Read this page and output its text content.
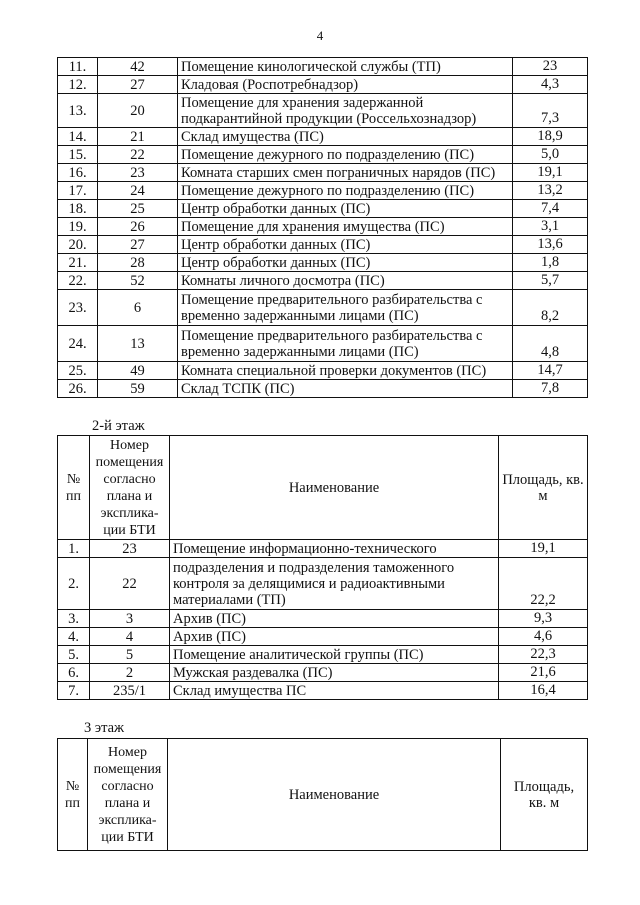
4
11.	42	Помещение кинологической службы (ТП)	23
12.	27	Кладовая (Роспотребнадзор)	4,3
13.	20	Помещение для хранения задержанной подкарантийной продукции (Россельхознадзор)	7,3
14.	21	Склад имущества (ПС)	18,9
15.	22	Помещение дежурного по подразделению (ПС)	5,0
16.	23	Комната старших смен пограничных нарядов (ПС)	19,1
17.	24	Помещение дежурного по подразделению (ПС)	13,2
18.	25	Центр обработки данных (ПС)	7,4
19.	26	Помещение для хранения имущества (ПС)	3,1
20.	27	Центр обработки данных (ПС)	13,6
21.	28	Центр обработки данных (ПС)	1,8
22.	52	Комнаты личного досмотра (ПС)	5,7
23.	6	Помещение предварительного разбирательства с временно задержанными лицами (ПС)	8,2
24.	13	Помещение предварительного разбирательства с временно задержанными лицами (ПС)	4,8
25.	49	Комната специальной проверки документов (ПС)	14,7
26.	59	Склад ТСПК (ПС)	7,8
2-й этаж
№ пп	Номер помещения согласно плана и эксплика-ции БТИ	Наименование	Площадь, кв. м
1.	23	Помещение информационно-технического	19,1
2.	22	подразделения и подразделения таможенного контроля за делящимися и радиоактивными материалами (ТП)	22,2
3.	3	Архив (ПС)	9,3
4.	4	Архив (ПС)	4,6
5.	5	Помещение аналитической группы (ПС)	22,3
6.	2	Мужская раздевалка (ПС)	21,6
7.	235/1	Склад имущества ПС	16,4
3 этаж
№ пп	Номер помещения согласно плана и эксплика-ции БТИ	Наименование	Площадь, кв. м
